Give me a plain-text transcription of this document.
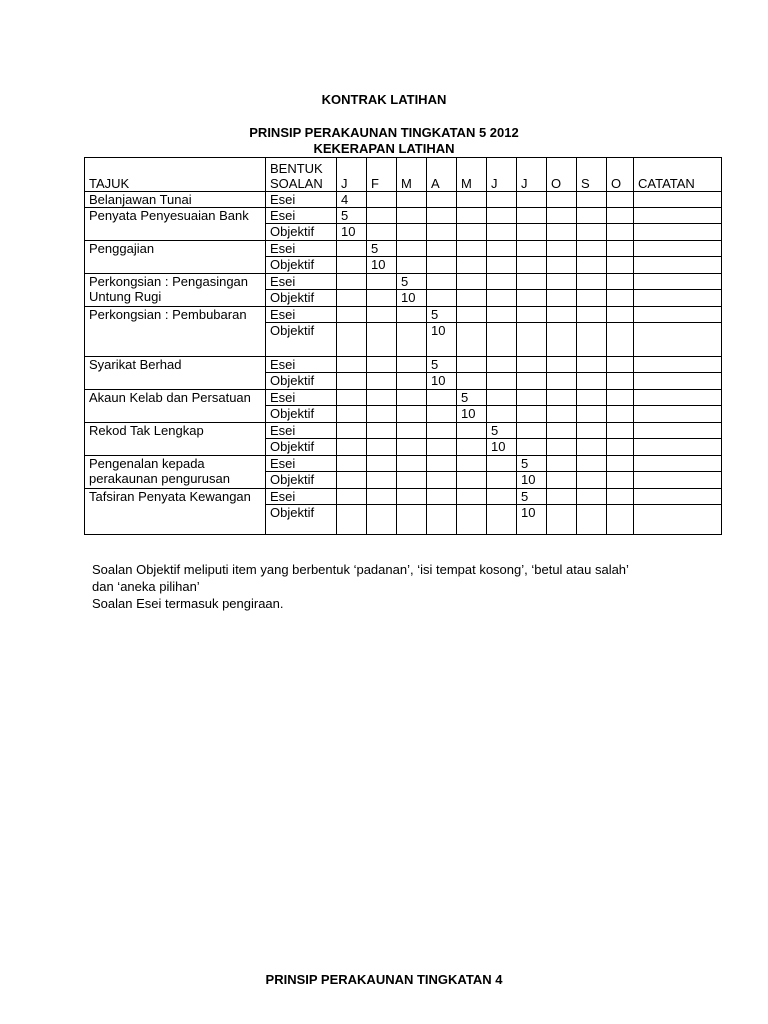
KONTRAK LATIHAN
PRINSIP PERAKAUNAN TINGKATAN 5 2012
KEKERAPAN LATIHAN
TAJUK	BENTUK SOALAN	J	F	M	A	M	J	J	O	S	O	CATATAN
Belanjawan Tunai	Esei	4										
Penyata Penyesuaian Bank	Esei	5										
	Objektif	10										
Penggajian	Esei		5									
	Objektif		10									
Perkongsian : Pengasingan Untung Rugi	Esei			5								
	Objektif			10								
Perkongsian : Pembubaran	Esei				5							
	Objektif				10							
Syarikat Berhad	Esei				5							
	Objektif				10							
Akaun Kelab dan Persatuan	Esei					5						
	Objektif					10						
Rekod Tak Lengkap	Esei						5					
	Objektif						10					
Pengenalan kepada perakaunan pengurusan	Esei							5				
	Objektif							10				
Tafsiran Penyata Kewangan	Esei							5				
	Objektif							10				
Soalan Objektif meliputi item yang berbentuk ‘padanan’, ‘isi tempat kosong’, ‘betul atau salah’ dan ‘aneka pilihan’
Soalan Esei termasuk pengiraan.
PRINSIP PERAKAUNAN TINGKATAN 4
